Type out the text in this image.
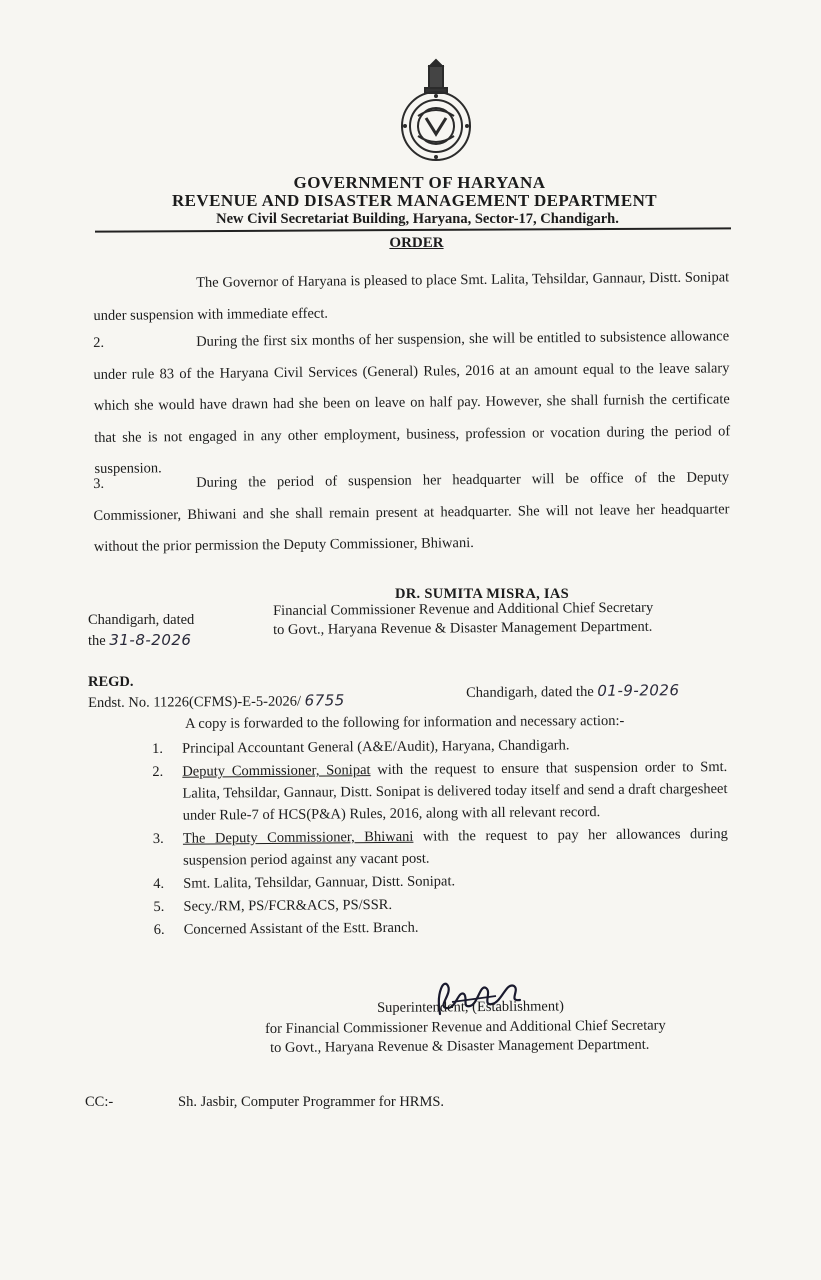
GOVERNMENT OF HARYANA
REVENUE AND DISASTER MANAGEMENT DEPARTMENT
New Civil Secretariat Building, Haryana, Sector-17, Chandigarh.
ORDER
The Governor of Haryana is pleased to place Smt. Lalita, Tehsildar, Gannaur, Distt. Sonipat under suspension with immediate effect.
2.	During the first six months of her suspension, she will be entitled to subsistence allowance under rule 83 of the Haryana Civil Services (General) Rules, 2016 at an amount equal to the leave salary which she would have drawn had she been on leave on half pay. However, she shall furnish the certificate that she is not engaged in any other employment, business, profession or vocation during the period of suspension.
3.	During the period of suspension her headquarter will be office of the Deputy Commissioner, Bhiwani and she shall remain present at headquarter. She will not leave her headquarter without the prior permission the Deputy Commissioner, Bhiwani.
DR. SUMITA MISRA, IAS
Financial Commissioner Revenue and Additional Chief Secretary
to Govt., Haryana Revenue & Disaster Management Department.
Chandigarh, dated
the 31-8-2026
REGD.
Endst. No. 11226(CFMS)-E-5-2026/ 6755	Chandigarh, dated the 01-9-2026
A copy is forwarded to the following for information and necessary action:-
1.	Principal Accountant General (A&E/Audit), Haryana, Chandigarh.
2.	Deputy Commissioner, Sonipat with the request to ensure that suspension order to Smt. Lalita, Tehsildar, Gannaur, Distt. Sonipat is delivered today itself and send a draft chargesheet under Rule-7 of HCS(P&A) Rules, 2016, along with all relevant record.
3.	The Deputy Commissioner, Bhiwani with the request to pay her allowances during suspension period against any vacant post.
4.	Smt. Lalita, Tehsildar, Gannuar, Distt. Sonipat.
5.	Secy./RM, PS/FCR&ACS, PS/SSR.
6.	Concerned Assistant of the Estt. Branch.
Superintendent, (Establishment)
for Financial Commissioner Revenue and Additional Chief Secretary
to Govt., Haryana Revenue & Disaster Management Department.
CC:-	Sh. Jasbir, Computer Programmer for HRMS.
